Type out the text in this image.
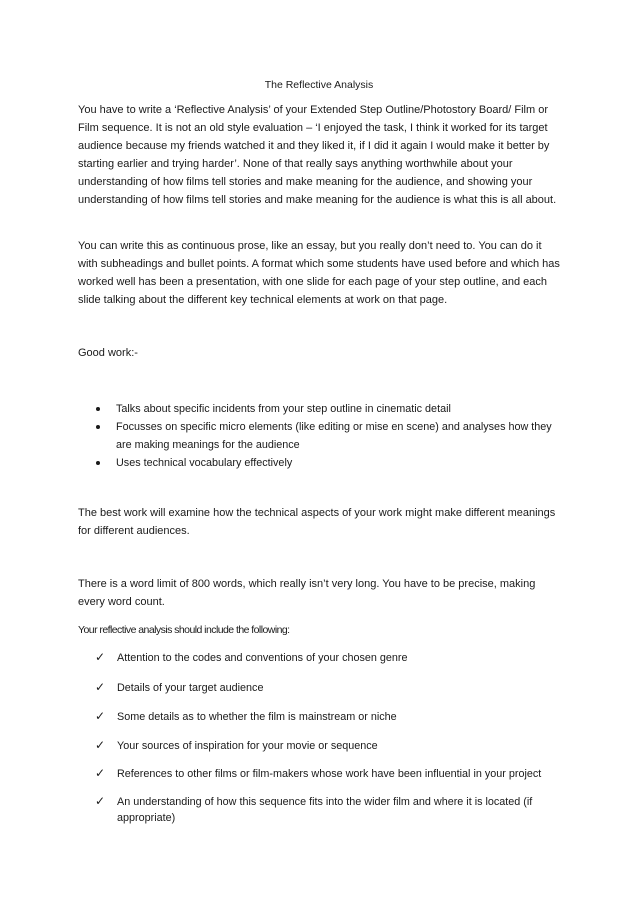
The Reflective Analysis

You have to write a ‘Reflective Analysis’ of your Extended Step Outline/Photostory Board/ Film or Film sequence. It is not an old style evaluation – ‘I enjoyed the task, I think it worked for its target audience because my friends watched it and they liked it, if I did it again I would make it better by starting earlier and trying harder’. None of that really says anything worthwhile about your understanding of how films tell stories and make meaning for the audience, and showing your understanding of how films tell stories and make meaning for the audience is what this is all about.

You can write this as continuous prose, like an essay, but you really don’t need to. You can do it with subheadings and bullet points. A format which some students have used before and which has worked well has been a presentation, with one slide for each page of your step outline, and each slide talking about the different key technical elements at work on that page.

Good work:-

Talks about specific incidents from your step outline in cinematic detail
Focusses on specific micro elements (like editing or mise en scene) and analyses how they are making meanings for the audience
Uses technical vocabulary effectively

The best work will examine how the technical aspects of your work might make different meanings for different audiences.

There is a word limit of 800 words, which really isn’t very long. You have to be precise, making every word count.

Your reflective analysis should include the following:
✓	Attention to the codes and conventions of your chosen genre
✓	Details of your target audience
✓	Some details as to whether the film is mainstream or niche
✓	Your sources of inspiration for your movie or sequence
✓	References to other films or film-makers whose work have been influential in your project
✓	An understanding of how this sequence fits into the wider film and where it is located (if appropriate)
